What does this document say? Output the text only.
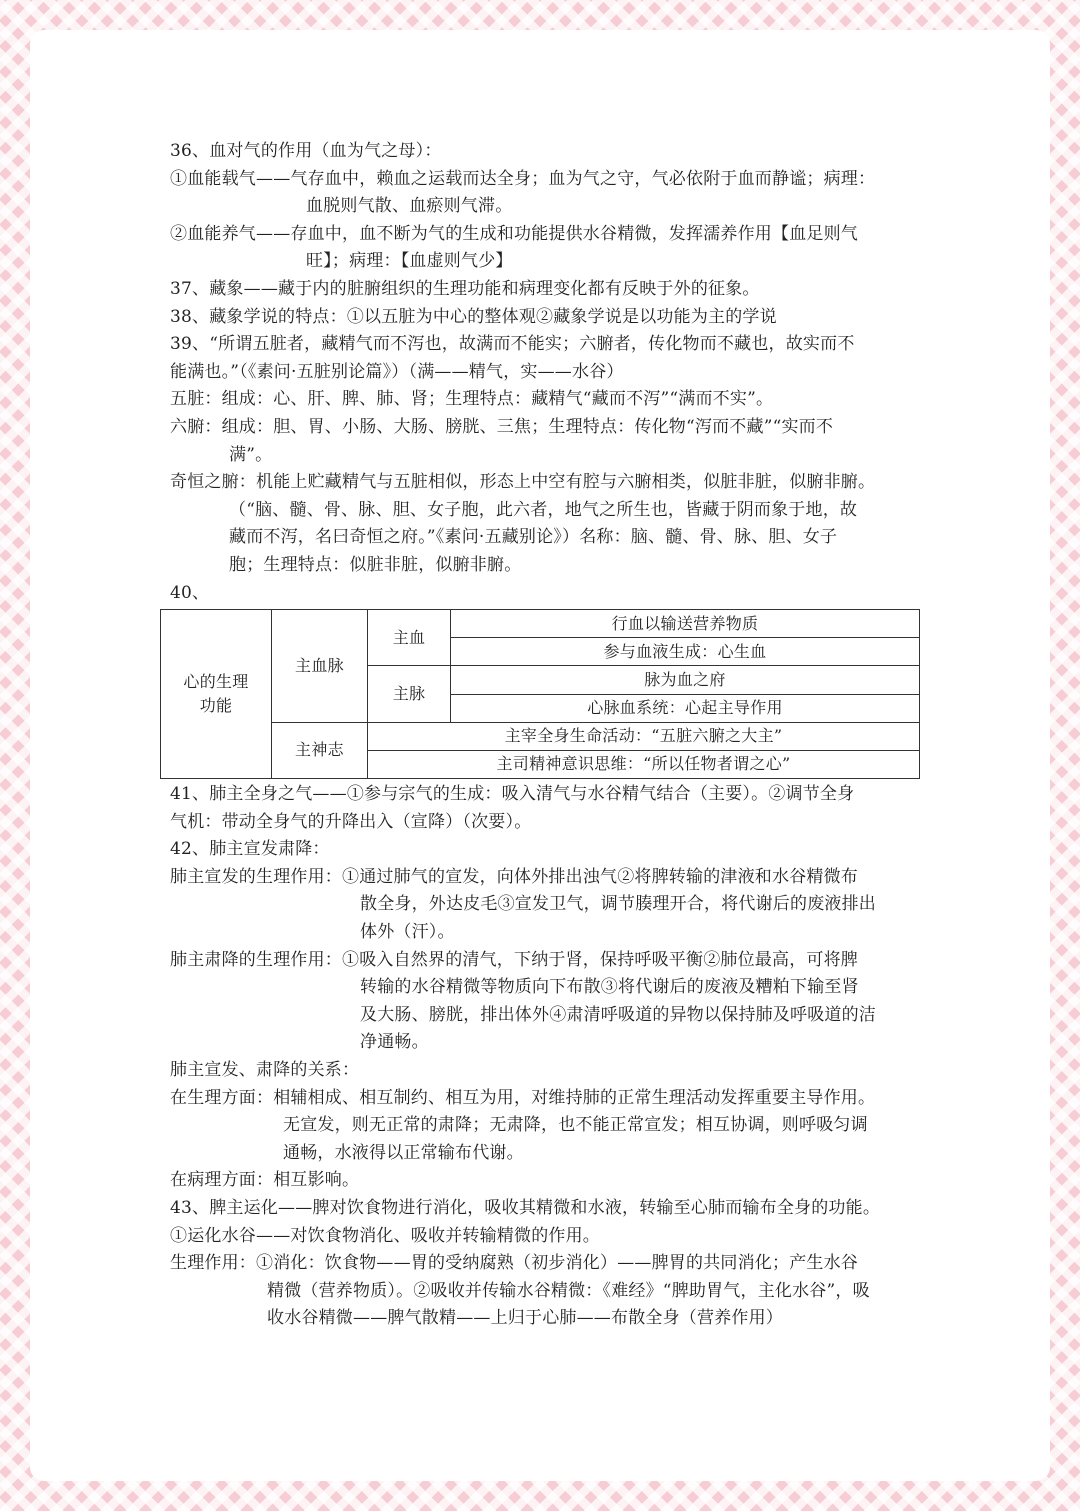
36、血对气的作用（血为气之母）：
①血能载气——气存血中，赖血之运载而达全身；血为气之守，气必依附于血而静谧；病理：
血脱则气散、血瘀则气滞。
②血能养气——存血中，血不断为气的生成和功能提供水谷精微，发挥濡养作用【血足则气
旺】；病理：【血虚则气少】
37、藏象——藏于内的脏腑组织的生理功能和病理变化都有反映于外的征象。
38、藏象学说的特点：①以五脏为中心的整体观②藏象学说是以功能为主的学说
39、“所谓五脏者，藏精气而不泻也，故满而不能实；六腑者，传化物而不藏也，故实而不
能满也。”（《素问·五脏别论篇》）（满——精气，实——水谷）
五脏：组成：心、肝、脾、肺、肾；生理特点：藏精气“藏而不泻”“满而不实”。
六腑：组成：胆、胃、小肠、大肠、膀胱、三焦；生理特点：传化物“泻而不藏”“实而不
满”。
奇恒之腑：机能上贮藏精气与五脏相似，形态上中空有腔与六腑相类，似脏非脏，似腑非腑。
（“脑、髓、骨、脉、胆、女子胞，此六者，地气之所生也，皆藏于阴而象于地，故
藏而不泻，名曰奇恒之府。”《素问·五藏别论》）名称：脑、髓、骨、脉、胆、女子
胞；生理特点：似脏非脏，似腑非腑。
40、
心的生理
功能	主血脉	主血	行血以输送营养物质
			参与血液生成：心生血
		主脉	脉为血之府
			心脉血系统：心起主导作用
	主神志	主宰全身生命活动：“五脏六腑之大主”	
		主司精神意识思维：“所以任物者谓之心”	
41、肺主全身之气——①参与宗气的生成：吸入清气与水谷精气结合（主要）。②调节全身
气机：带动全身气的升降出入（宣降）（次要）。
42、肺主宣发肃降：
肺主宣发的生理作用：①通过肺气的宣发，向体外排出浊气②将脾转输的津液和水谷精微布
散全身，外达皮毛③宣发卫气，调节腠理开合，将代谢后的废液排出
体外（汗）。
肺主肃降的生理作用：①吸入自然界的清气，下纳于肾，保持呼吸平衡②肺位最高，可将脾
转输的水谷精微等物质向下布散③将代谢后的废液及糟粕下输至肾
及大肠、膀胱，排出体外④肃清呼吸道的异物以保持肺及呼吸道的洁
净通畅。
肺主宣发、肃降的关系：
在生理方面：相辅相成、相互制约、相互为用，对维持肺的正常生理活动发挥重要主导作用。
无宣发，则无正常的肃降；无肃降，也不能正常宣发；相互协调，则呼吸匀调
通畅，水液得以正常输布代谢。
在病理方面：相互影响。
43、脾主运化——脾对饮食物进行消化，吸收其精微和水液，转输至心肺而输布全身的功能。
①运化水谷——对饮食物消化、吸收并转输精微的作用。
生理作用：①消化：饮食物——胃的受纳腐熟（初步消化）——脾胃的共同消化；产生水谷
精微（营养物质）。②吸收并传输水谷精微：《难经》“脾助胃气，主化水谷”，吸
收水谷精微——脾气散精——上归于心肺——布散全身（营养作用）
